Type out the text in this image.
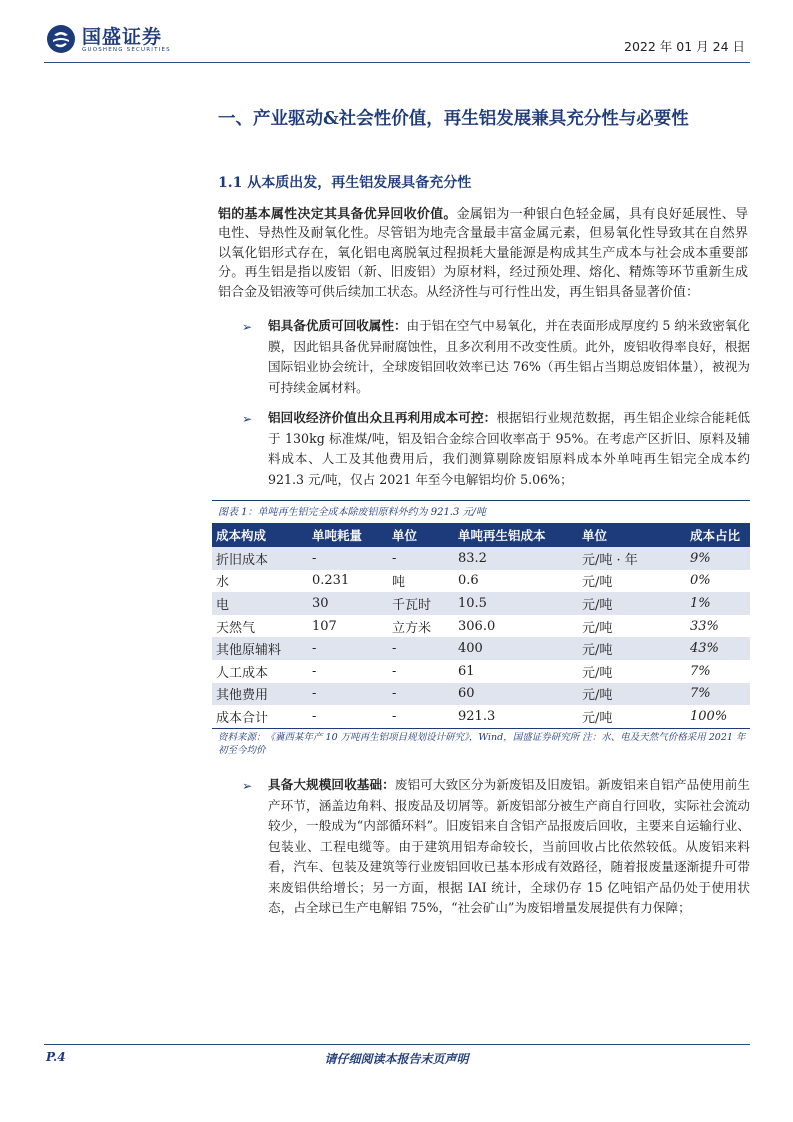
国盛证券
GUOSHENG SECURITIES	2022 年 01 月 24 日
一、产业驱动&社会性价值，再生铝发展兼具充分性与必要性
1.1 从本质出发，再生铝发展具备充分性
铝的基本属性决定其具备优异回收价值。金属铝为一种银白色轻金属，具有良好延展性、导电性、导热性及耐氧化性。尽管铝为地壳含量最丰富金属元素，但易氧化性导致其在自然界以氧化铝形式存在，氧化铝电离脱氧过程损耗大量能源是构成其生产成本与社会成本重要部分。再生铝是指以废铝（新、旧废铝）为原材料，经过预处理、熔化、精炼等环节重新生成铝合金及铝液等可供后续加工状态。从经济性与可行性出发，再生铝具备显著价值：
➢	铝具备优质可回收属性：由于铝在空气中易氧化，并在表面形成厚度约 5 纳米致密氧化膜，因此铝具备优异耐腐蚀性，且多次利用不改变性质。此外，废铝收得率良好，根据国际铝业协会统计，全球废铝回收效率已达 76%（再生铝占当期总废铝体量），被视为可持续金属材料。
➢	铝回收经济价值出众且再利用成本可控：根据铝行业规范数据，再生铝企业综合能耗低于 130kg 标准煤/吨，铝及铝合金综合回收率高于 95%。在考虑产区折旧、原料及辅料成本、人工及其他费用后，我们测算剔除废铝原料成本外单吨再生铝完全成本约 921.3 元/吨，仅占 2021 年至今电解铝均价 5.06%；
图表 1：单吨再生铝完全成本除废铝原料外约为 921.3 元/吨
成本构成	单吨耗量	单位	单吨再生铝成本	单位	成本占比
折旧成本	-	-	83.2	元/吨 · 年	9%
水	0.231	吨	0.6	元/吨	0%
电	30	千瓦时	10.5	元/吨	1%
天然气	107	立方米	306.0	元/吨	33%
其他原辅料	-	-	400	元/吨	43%
人工成本	-	-	61	元/吨	7%
其他费用	-	-	60	元/吨	7%
成本合计	-	-	921.3	元/吨	100%
资料来源：《冀西某年产 10 万吨再生铝项目规划设计研究》，Wind，国盛证券研究所 注：水、电及天然气价格采用 2021 年初至今均价
➢	具备大规模回收基础：废铝可大致区分为新废铝及旧废铝。新废铝来自铝产品使用前生产环节，涵盖边角料、报废品及切屑等。新废铝部分被生产商自行回收，实际社会流动较少，一般成为“内部循环料”。旧废铝来自含铝产品报废后回收，主要来自运输行业、包装业、工程电缆等。由于建筑用铝寿命较长，当前回收占比依然较低。从废铝来料看，汽车、包装及建筑等行业废铝回收已基本形成有效路径，随着报废量逐渐提升可带来废铝供给增长；另一方面，根据 IAI 统计，全球仍存 15 亿吨铝产品仍处于使用状态，占全球已生产电解铝 75%，“社会矿山”为废铝增量发展提供有力保障；
请仔细阅读本报告末页声明
P.4
